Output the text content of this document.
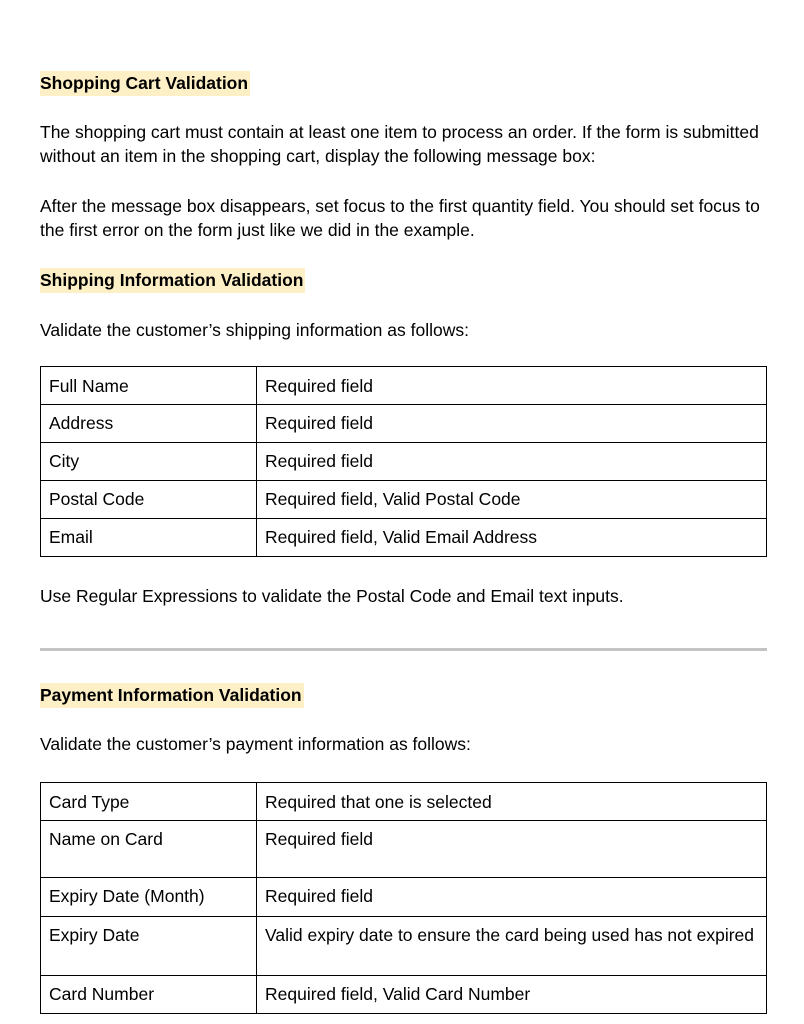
Shopping Cart Validation

The shopping cart must contain at least one item to process an order. If the form is submitted without an item in the shopping cart, display the following message box:

After the message box disappears, set focus to the first quantity field. You should set focus to the first error on the form just like we did in the example.

Shipping Information Validation

Validate the customer’s shipping information as follows:

Full Name	Required field
Address	Required field
City	Required field
Postal Code	Required field, Valid Postal Code
Email	Required field, Valid Email Address

Use Regular Expressions to validate the Postal Code and Email text inputs.

Payment Information Validation

Validate the customer’s payment information as follows:

Card Type	Required that one is selected
Name on Card	Required field
Expiry Date (Month)	Required field
Expiry Date	Valid expiry date to ensure the card being used has not expired
Card Number	Required field, Valid Card Number
